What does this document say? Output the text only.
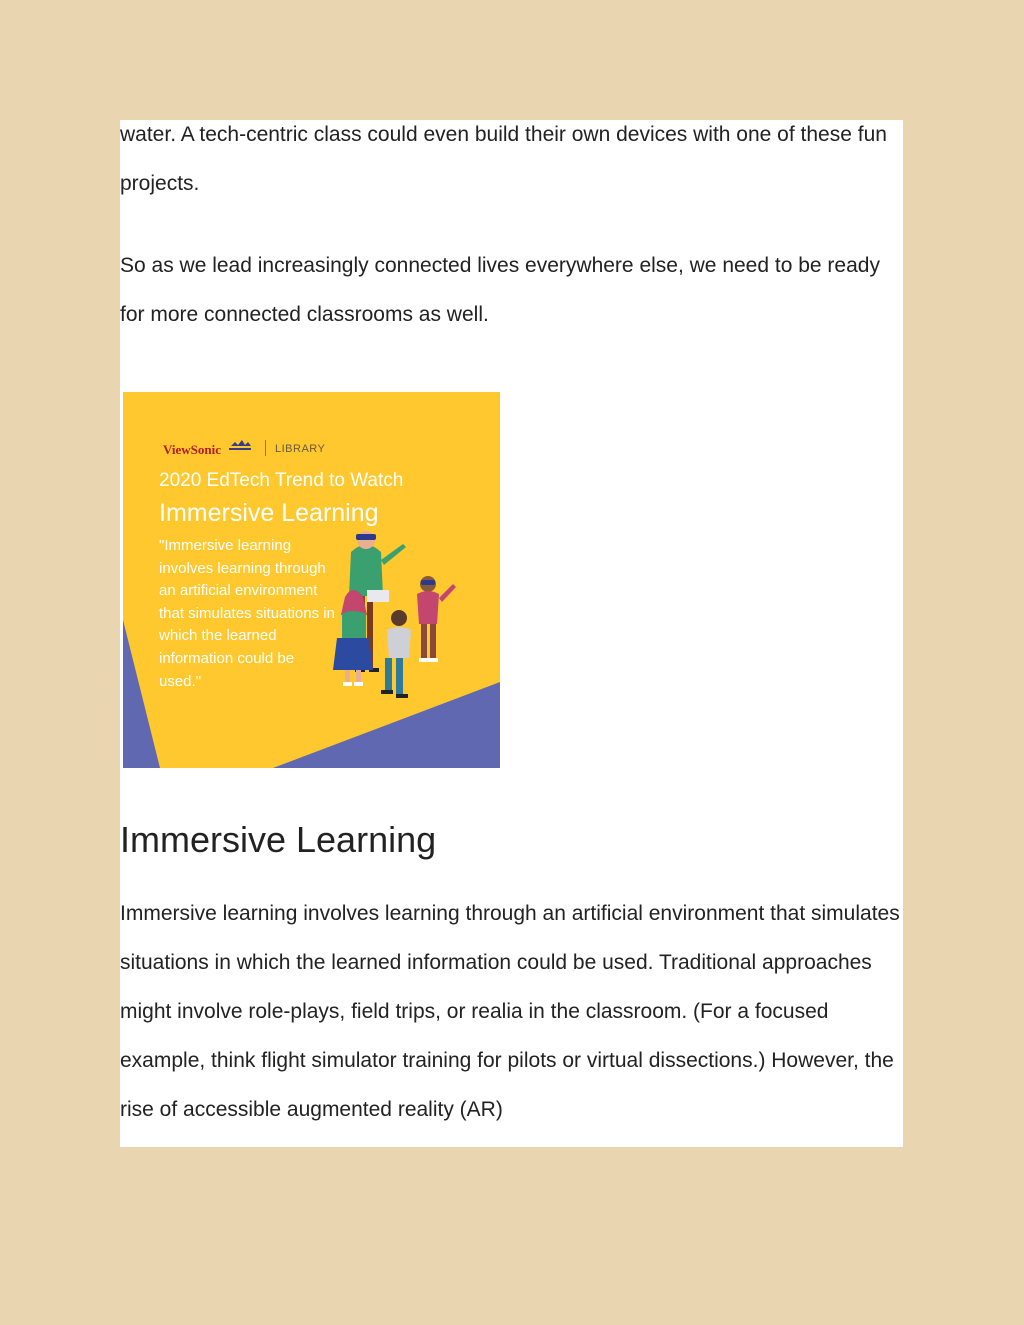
water. A tech-centric class could even build their own devices with one of these fun projects.

So as we lead increasingly connected lives everywhere else, we need to be ready for more connected classrooms as well.

ViewSonic	LIBRARY
2020 EdTech Trend to Watch
Immersive Learning
"Immersive learning involves learning through an artificial environment that simulates situations in which the learned information could be used."
Immersive Learning

Immersive learning involves learning through an artificial environment that simulates situations in which the learned information could be used. Traditional approaches might involve role-plays, field trips, or realia in the classroom. (For a focused example, think flight simulator training for pilots or virtual dissections.) However, the rise of accessible augmented reality (AR)
